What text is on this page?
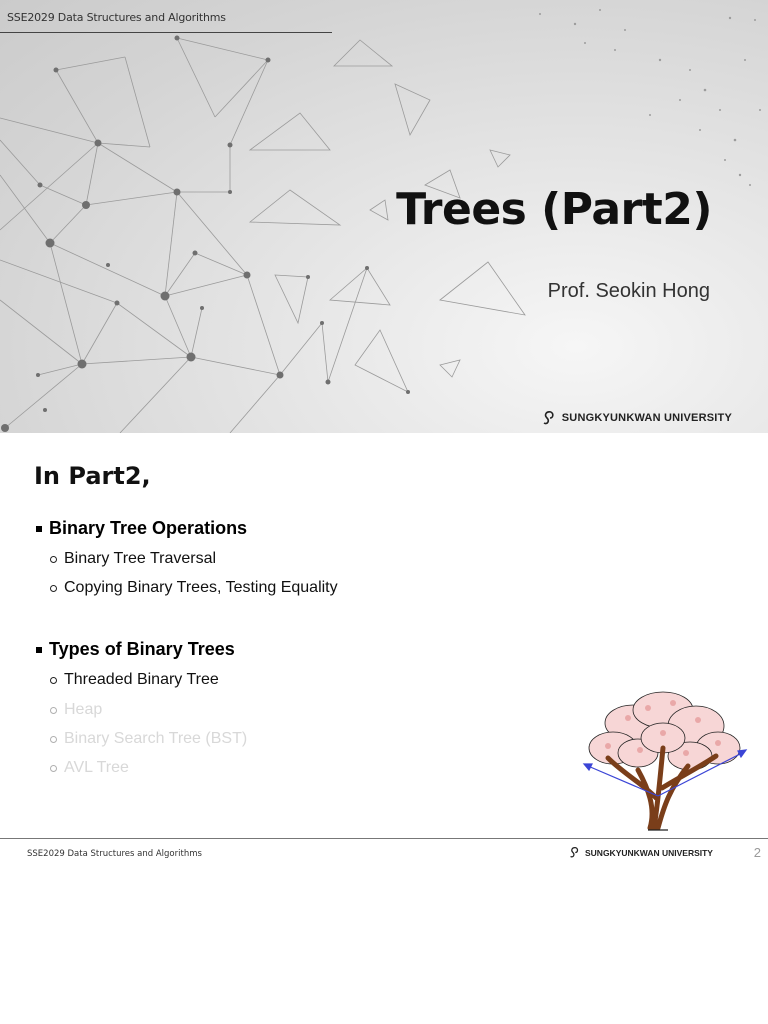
SSE2029 Data Structures and Algorithms
Trees (Part2)
Prof. Seokin Hong
SUNGKYUNKWAN UNIVERSITY
In Part2,
Binary Tree Operations
Binary Tree Traversal
Copying Binary Trees, Testing Equality
Types of Binary Trees
Threaded Binary Tree
Heap
Binary Search Tree (BST)
AVL Tree
SSE2029 Data Structures and Algorithms	SUNGKYUNKWAN UNIVERSITY	2
